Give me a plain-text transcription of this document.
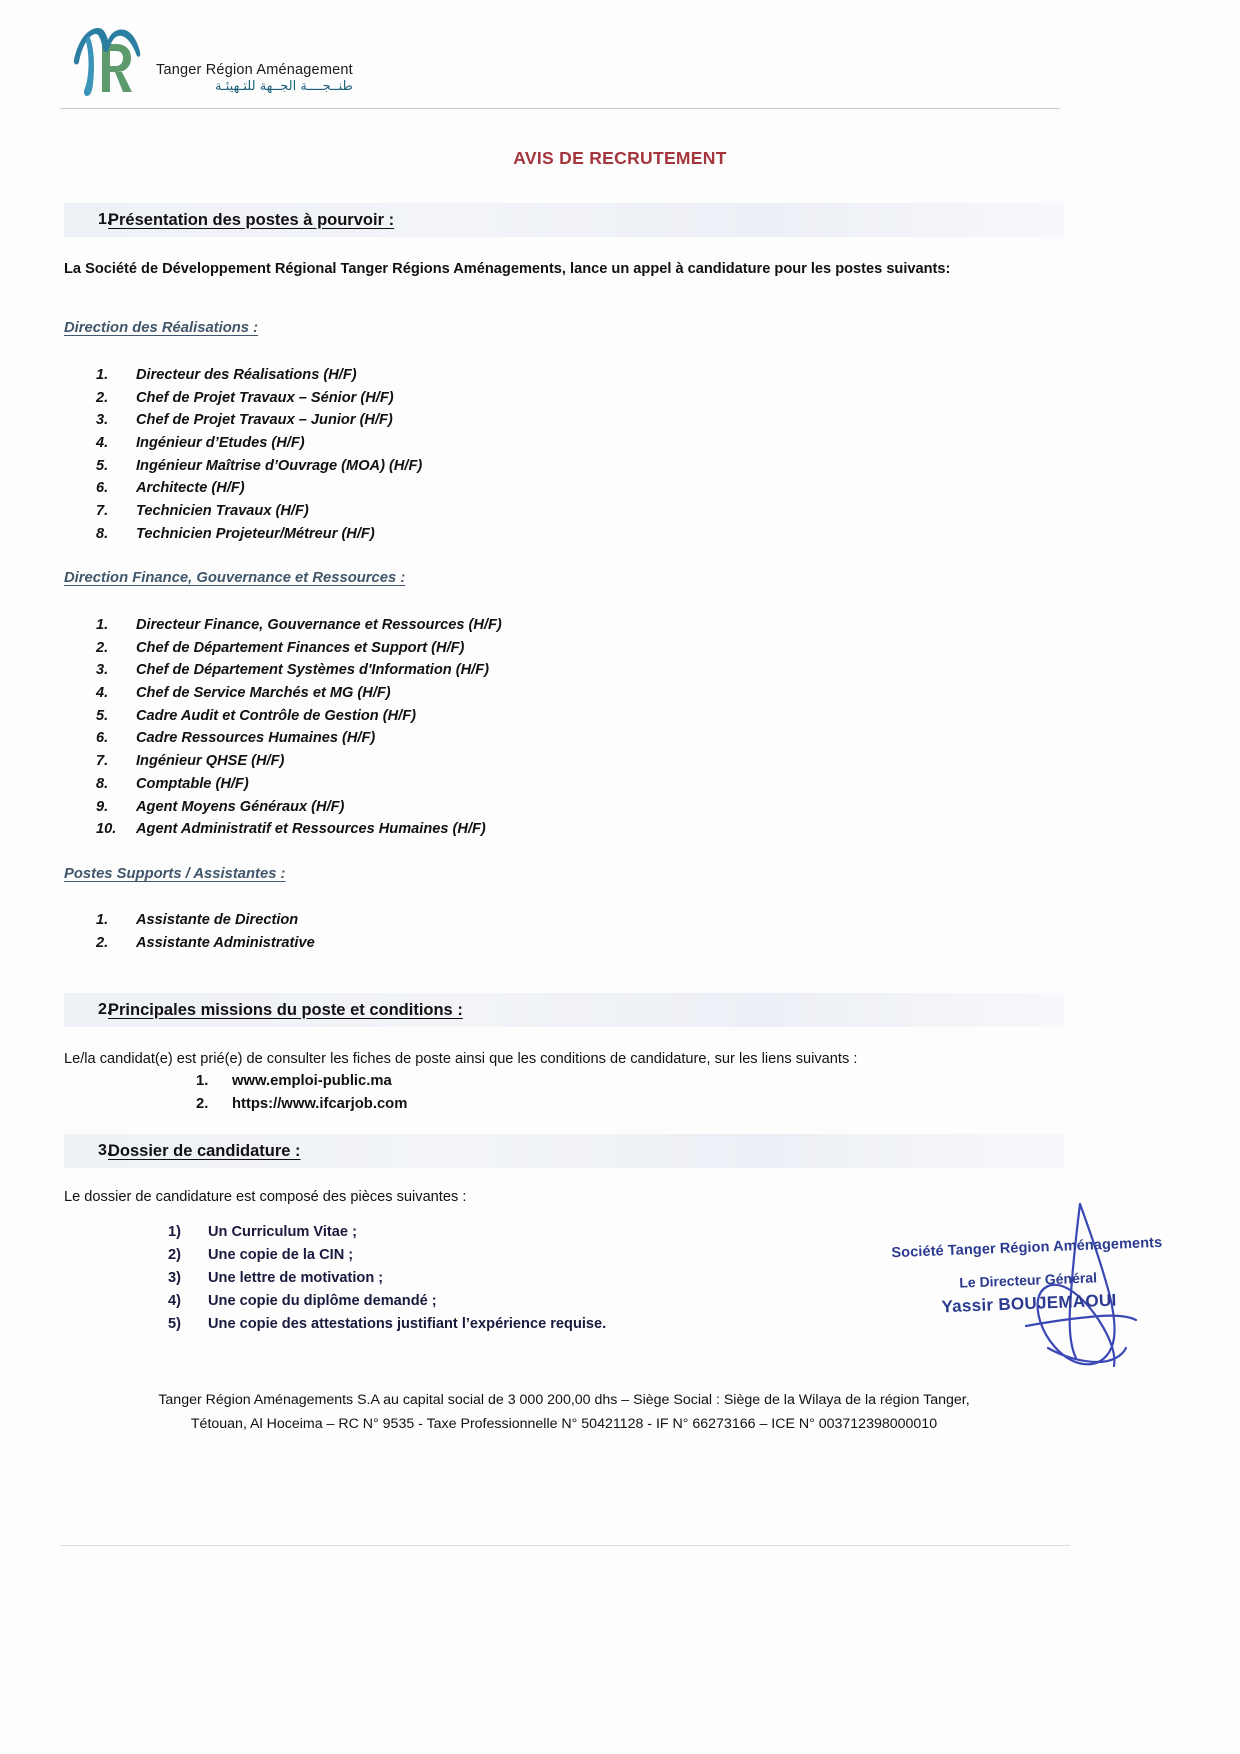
Tanger Région Aménagement
طنــجــــة الجــهة للتـهيئـة
AVIS DE RECRUTEMENT
1.
Présentation des postes à pourvoir :
La Société de Développement Régional Tanger Régions Aménagements, lance un appel à candidature pour les postes suivants:
Direction des Réalisations :
1.	Directeur des Réalisations (H/F)
2.	Chef de Projet Travaux – Sénior (H/F)
3.	Chef de Projet Travaux – Junior (H/F)
4.	Ingénieur d’Etudes (H/F)
5.	Ingénieur Maîtrise d’Ouvrage (MOA) (H/F)
6.	Architecte (H/F)
7.	Technicien Travaux (H/F)
8.	Technicien Projeteur/Métreur (H/F)
Direction Finance, Gouvernance et Ressources :
1.	Directeur Finance, Gouvernance et Ressources (H/F)
2.	Chef de Département Finances et Support (H/F)
3.	Chef de Département Systèmes d'Information (H/F)
4.	Chef de Service Marchés et MG (H/F)
5.	Cadre Audit et Contrôle de Gestion (H/F)
6.	Cadre Ressources Humaines (H/F)
7.	Ingénieur QHSE (H/F)
8.	Comptable (H/F)
9.	Agent Moyens Généraux (H/F)
10.	Agent Administratif et Ressources Humaines (H/F)
Postes Supports / Assistantes :
1.	Assistante de Direction
2.	Assistante Administrative
2.
Principales missions du poste et conditions :
Le/la candidat(e) est prié(e) de consulter les fiches de poste ainsi que les conditions de candidature, sur les liens suivants :
1.	www.emploi-public.ma
2.	https://www.ifcarjob.com
3.
Dossier de candidature :
Le dossier de candidature est composé des pièces suivantes :
1)	Un Curriculum Vitae ;
2)	Une copie de la CIN ;
3)	Une lettre de motivation ;
4)	Une copie du diplôme demandé ;
5)	Une copie des attestations justifiant l’expérience requise.
Société Tanger Région Aménagements
Le Directeur Général
Yassir BOUJEMAOUI
Tanger Région Aménagements S.A au capital social de 3 000 200,00 dhs – Siège Social : Siège de la Wilaya de la région Tanger,
Tétouan, Al Hoceima – RC N° 9535 - Taxe Professionnelle N° 50421128 - IF N° 66273166 – ICE N° 003712398000010
